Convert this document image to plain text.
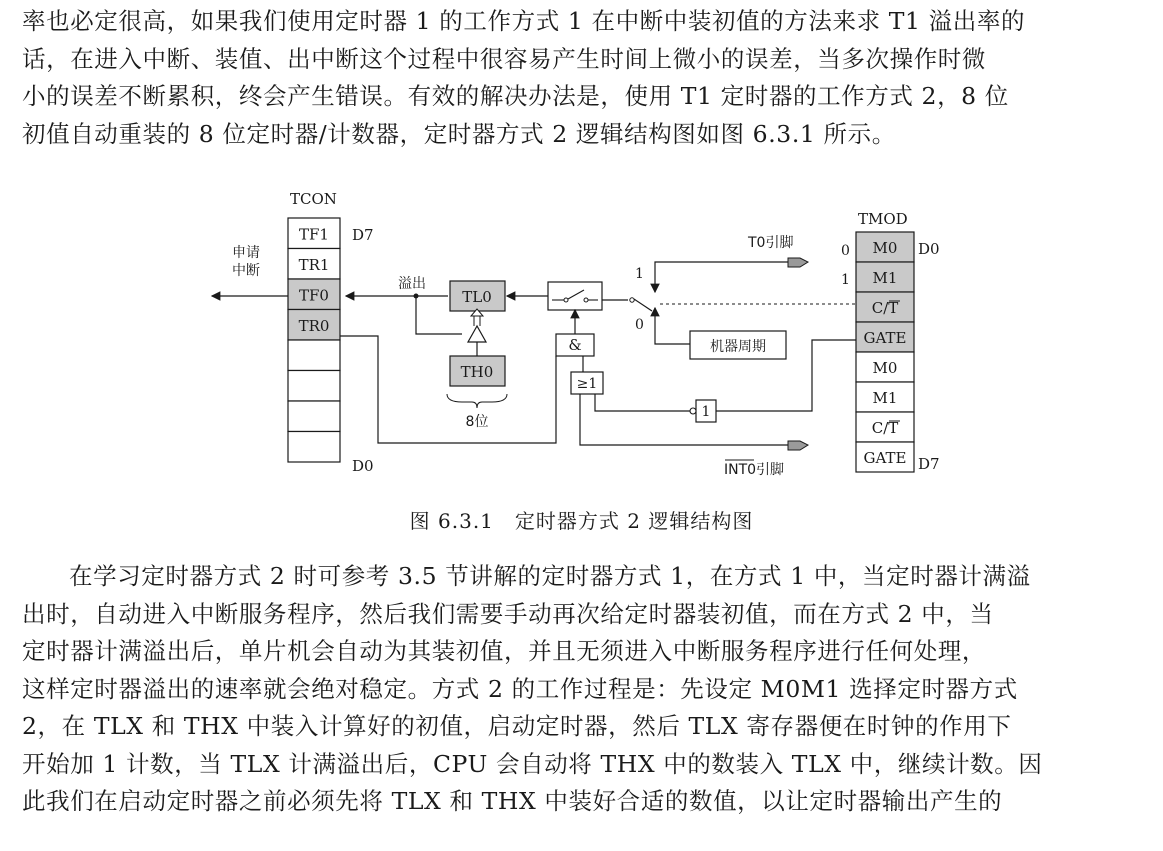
率也必定很高，如果我们使用定时器 1 的工作方式 1 在中断中装初值的方法来求 T1 溢出率的
话，在进入中断、装值、出中断这个过程中很容易产生时间上微小的误差，当多次操作时微
小的误差不断累积，终会产生错误。有效的解决办法是，使用 T1 定时器的工作方式 2，8 位
初值自动重装的 8 位定时器/计数器，定时器方式 2 逻辑结构图如图 6.3.1 所示。
TCON
TF1
TR1
TF0
TR0
D7
D0
申请
中断
溢出
TL0
TH0
8位
1
0
T0引脚
机器周期
&
≥1
1
INT0引脚
TMOD
M0
M1
C/T
GATE
M0
M1
C/T
GATE
D0
D7
0
1
图 6.3.1　定时器方式 2 逻辑结构图
在学习定时器方式 2 时可参考 3.5 节讲解的定时器方式 1，在方式 1 中，当定时器计满溢
出时，自动进入中断服务程序，然后我们需要手动再次给定时器装初值，而在方式 2 中，当
定时器计满溢出后，单片机会自动为其装初值，并且无须进入中断服务程序进行任何处理，
这样定时器溢出的速率就会绝对稳定。方式 2 的工作过程是：先设定 M0M1 选择定时器方式
2，在 TLX 和 THX 中装入计算好的初值，启动定时器，然后 TLX 寄存器便在时钟的作用下
开始加 1 计数，当 TLX 计满溢出后，CPU 会自动将 THX 中的数装入 TLX 中，继续计数。因
此我们在启动定时器之前必须先将 TLX 和 THX 中装好合适的数值，以让定时器输出产生的
